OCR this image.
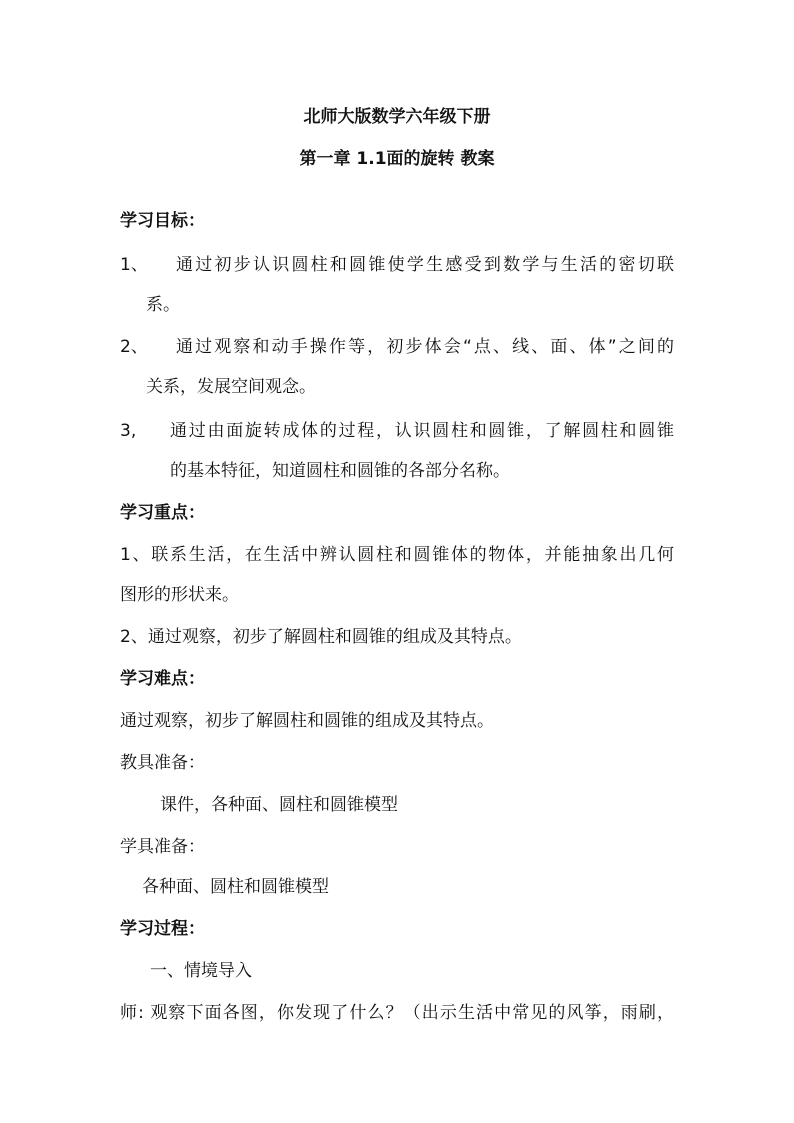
北师大版数学六年级下册
第一章 1.1面的旋转 教案
学习目标：
1、 通过初步认识圆柱和圆锥使学生感受到数学与生活的密切联
系。
2、 通过观察和动手操作等，初步体会“点、线、面、体”之间的
关系，发展空间观念。
3, 通过由面旋转成体的过程，认识圆柱和圆锥，了解圆柱和圆锥
的基本特征，知道圆柱和圆锥的各部分名称。
学习重点：
1、联系生活，在生活中辨认圆柱和圆锥体的物体，并能抽象出几何
图形的形状来。
2、通过观察，初步了解圆柱和圆锥的组成及其特点。
学习难点：
通过观察，初步了解圆柱和圆锥的组成及其特点。
教具准备：
课件，各种面、圆柱和圆锥模型
学具准备：
各种面、圆柱和圆锥模型
学习过程：
一、情境导入
师: 观察下面各图，你发现了什么？（出示生活中常见的风筝，雨刷，
